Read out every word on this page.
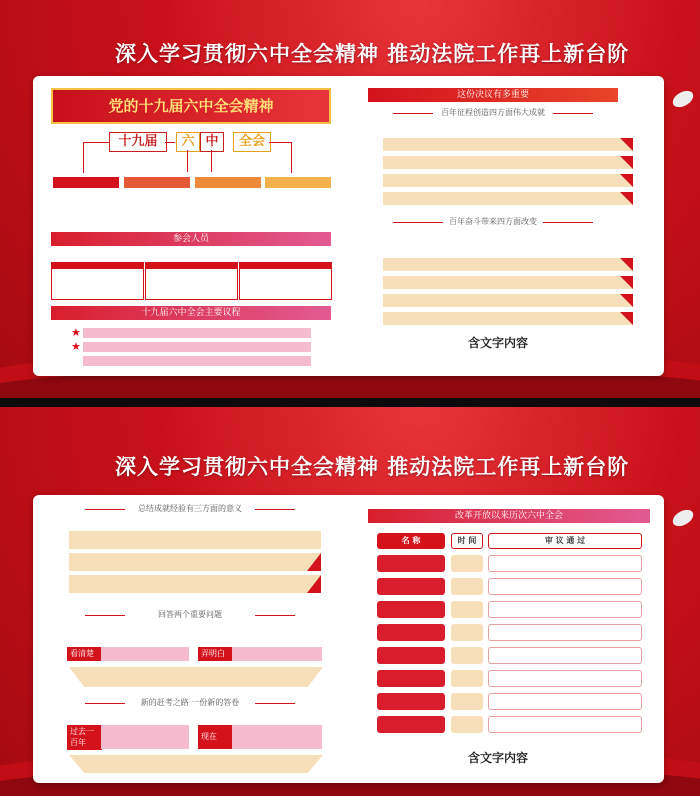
深入学习贯彻六中全会精神 推动法院工作再上新台阶
党的十九届六中全会精神
十九届	六 中	全会
参会人员
十九届六中全会主要议程
★
★
这份决议有多重要
百年征程创造四方面伟大成就
百年奋斗带来四方面改变
含文字内容
深入学习贯彻六中全会精神 推动法院工作再上新台阶
总结成就经验有三方面的意义
回答两个重要问题
看清楚	弄明白
新的赶考之路 一份新的答卷
过去一
百年
现在
改革开放以来历次六中全会
名 称	时 间	审 议 通 过
含文字内容
